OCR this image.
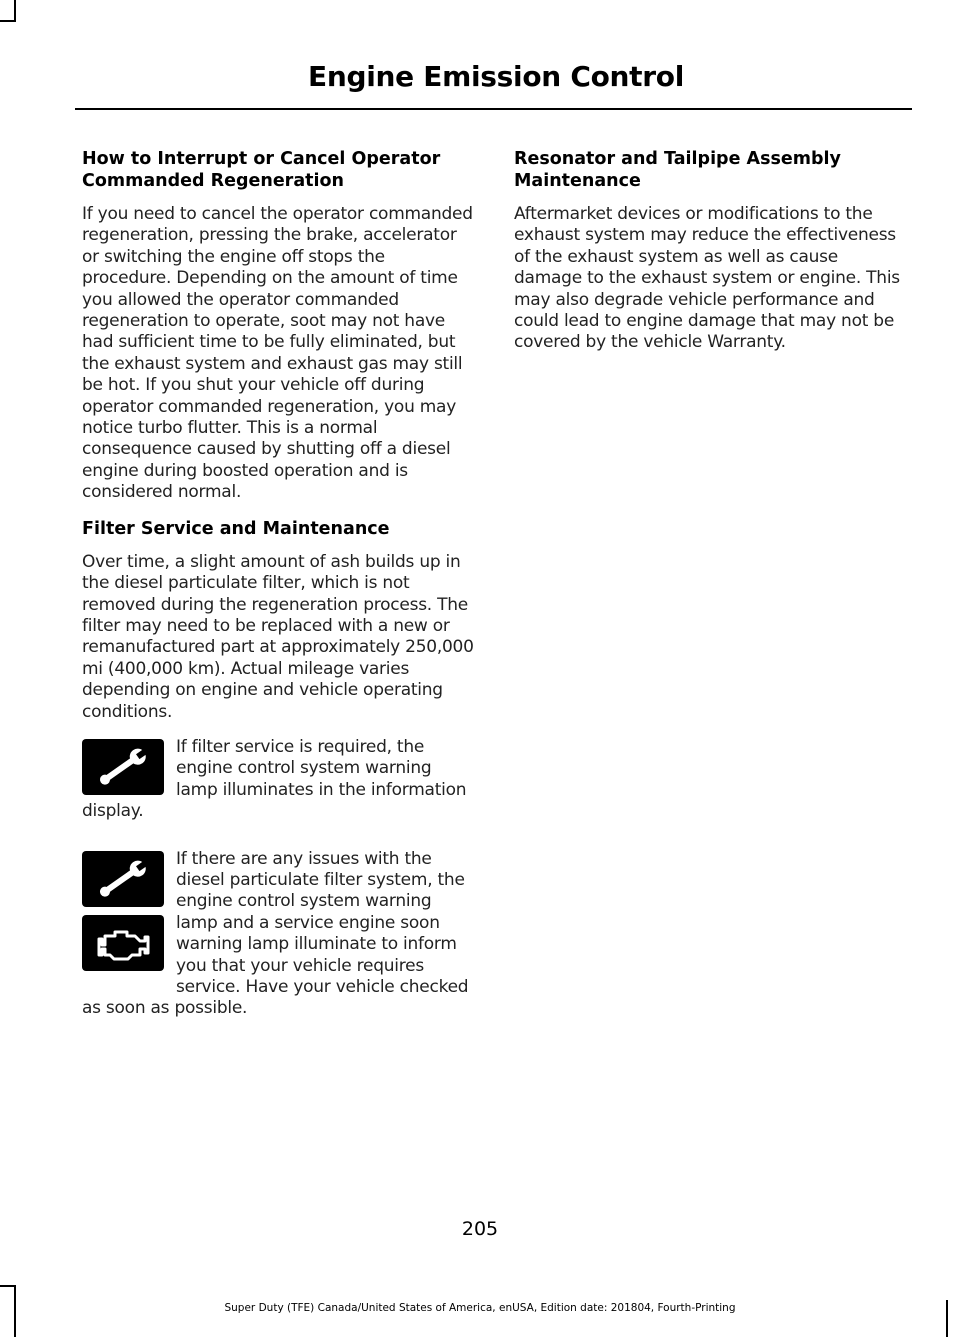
Engine Emission Control
How to Interrupt or Cancel Operator Commanded Regeneration

If you need to cancel the operator commanded regeneration, pressing the brake, accelerator or switching the engine off stops the procedure. Depending on the amount of time you allowed the operator commanded regeneration to operate, soot may not have had sufficient time to be fully eliminated, but the exhaust system and exhaust gas may still be hot. If you shut your vehicle off during operator commanded regeneration, you may notice turbo flutter. This is a normal consequence caused by shutting off a diesel engine during boosted operation and is considered normal.

Filter Service and Maintenance

Over time, a slight amount of ash builds up in the diesel particulate filter, which is not removed during the regeneration process. The filter may need to be replaced with a new or remanufactured part at approximately 250,000 mi (400,000 km). Actual mileage varies depending on engine and vehicle operating conditions.

If filter service is required, the engine control system warning lamp illuminates in the information display.

If there are any issues with the diesel particulate filter system, the engine control system warning lamp and a service engine soon warning lamp illuminate to inform you that your vehicle requires service. Have your vehicle checked as soon as possible.

Resonator and Tailpipe Assembly Maintenance

Aftermarket devices or modifications to the exhaust system may reduce the effectiveness of the exhaust system as well as cause damage to the exhaust system or engine. This may also degrade vehicle performance and could lead to engine damage that may not be covered by the vehicle Warranty.

205
Super Duty (TFE) Canada/United States of America, enUSA, Edition date: 201804, Fourth-Printing
